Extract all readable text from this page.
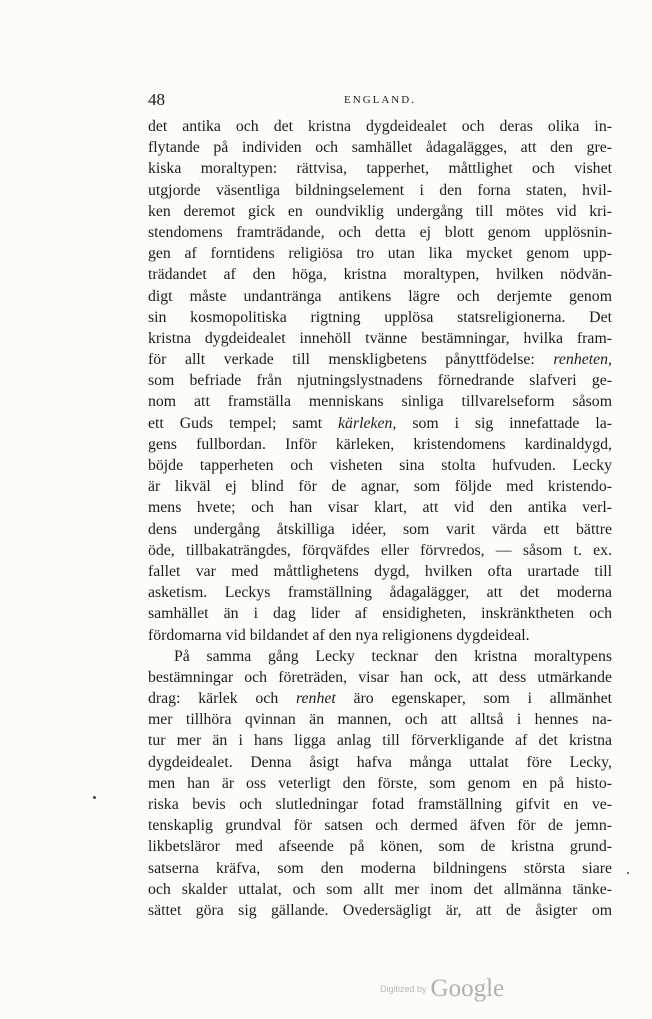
48	ENGLAND.
det antika och det kristna dygdeidealet och deras olika in-
flytande på individen och samhället ådagalägges, att den gre-
kiska moraltypen: rättvisa, tapperhet, måttlighet och vishet
utgjorde väsentliga bildningselement i den forna staten, hvil-
ken deremot gick en oundviklig undergång till mötes vid kri-
stendomens framträdande, och detta ej blott genom upplösnin-
gen af forntidens religiösa tro utan lika mycket genom upp-
trädandet af den höga, kristna moraltypen, hvilken nödvän-
digt måste undantränga antikens lägre och derjemte genom
sin kosmopolitiska rigtning upplösa statsreligionerna. Det
kristna dygdeidealet innehöll tvänne bestämningar, hvilka fram-
för allt verkade till menskligbetens pånyttfödelse: renheten,
som befriade från njutningslystnadens förnedrande slafveri ge-
nom att framställa menniskans sinliga tillvarelseform såsom
ett Guds tempel; samt kärleken, som i sig innefattade la-
gens fullbordan. Inför kärleken, kristendomens kardinaldygd,
böjde tapperheten och visheten sina stolta hufvuden. Lecky
är likväl ej blind för de agnar, som följde med kristendo-
mens hvete; och han visar klart, att vid den antika verl-
dens undergång åtskilliga idéer, som varit värda ett bättre
öde, tillbakaträngdes, förqväfdes eller förvredos, — såsom t. ex.
fallet var med måttlighetens dygd, hvilken ofta urartade till
asketism. Leckys framställning ådagalägger, att det moderna
samhället än i dag lider af ensidigheten, inskränktheten och
fördomarna vid bildandet af den nya religionens dygdeideal.
På samma gång Lecky tecknar den kristna moraltypens
bestämningar och företräden, visar han ock, att dess utmärkande
drag: kärlek och renhet äro egenskaper, som i allmänhet
mer tillhöra qvinnan än mannen, och att alltså i hennes na-
tur mer än i hans ligga anlag till förverkligande af det kristna
dygdeidealet. Denna åsigt hafva många uttalat före Lecky,
men han är oss veterligt den förste, som genom en på histo-
riska bevis och slutledningar fotad framställning gifvit en ve-
tenskaplig grundval för satsen och dermed äfven för de jemn-
likbetsläror med afseende på könen, som de kristna grund-
satserna kräfva, som den moderna bildningens största siare
och skalder uttalat, och som allt mer inom det allmänna tänke-
sättet göra sig gällande. Ovedersägligt är, att de åsigter om
Digitized by Google
